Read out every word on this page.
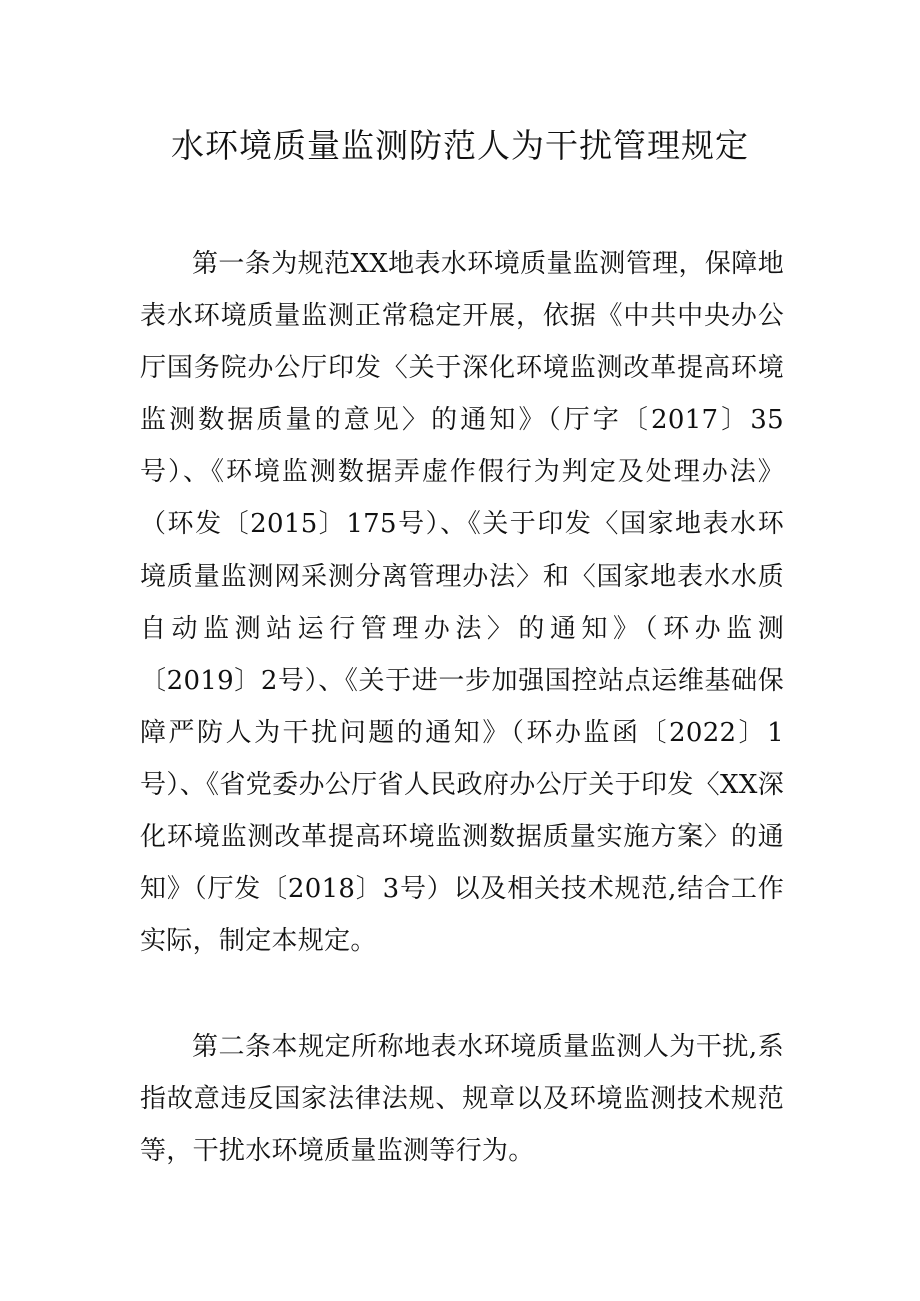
水环境质量监测防范人为干扰管理规定

第一条为规范XX地表水环境质量监测管理，保障地表水环境质量监测正常稳定开展，依据《中共中央办公厅国务院办公厅印发〈关于深化环境监测改革提高环境监测数据质量的意见〉的通知》（厅字〔2017〕35号）、《环境监测数据弄虚作假行为判定及处理办法》（环发〔2015〕175号）、《关于印发〈国家地表水环境质量监测网采测分离管理办法〉和〈国家地表水水质自动监测站运行管理办法〉的通知》（环办监测〔2019〕2号）、《关于进一步加强国控站点运维基础保障严防人为干扰问题的通知》（环办监函〔2022〕1号）、《省党委办公厅省人民政府办公厅关于印发〈XX深化环境监测改革提高环境监测数据质量实施方案〉的通知》（厅发〔2018〕3号）以及相关技术规范,结合工作实际，制定本规定。

第二条本规定所称地表水环境质量监测人为干扰,系指故意违反国家法律法规、规章以及环境监测技术规范等，干扰水环境质量监测等行为。
